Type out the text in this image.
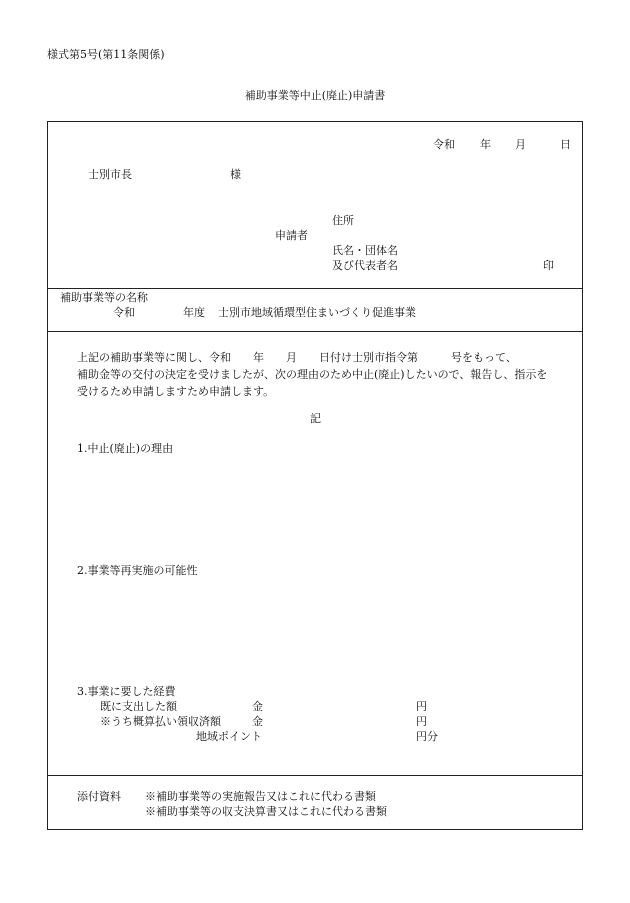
様式第5号(第11条関係)
補助事業等中止(廃止)申請書
令和 年 月	日
士別市長	様
住所
申請者
氏名・団体名
及び代表者名	印
補助事業等の名称
令和	年度 士別市地域循環型住まいづくり促進事業
上記の補助事業等に関し、令和　　年　　月　　日付け士別市指令第　　　号をもって、
補助金等の交付の決定を受けましたが、次の理由のため中止(廃止)したいので、報告し、指示を
受けるため申請しますため申請します。
記
1.中止(廃止)の理由
2.事業等再実施の可能性
3.事業に要した経費
既に支出した額	金	円
※うち概算払い領収済額	金	円
地域ポイント	円分
添付資料 ※補助事業等の実施報告又はこれに代わる書類
※補助事業等の収支決算書又はこれに代わる書類
